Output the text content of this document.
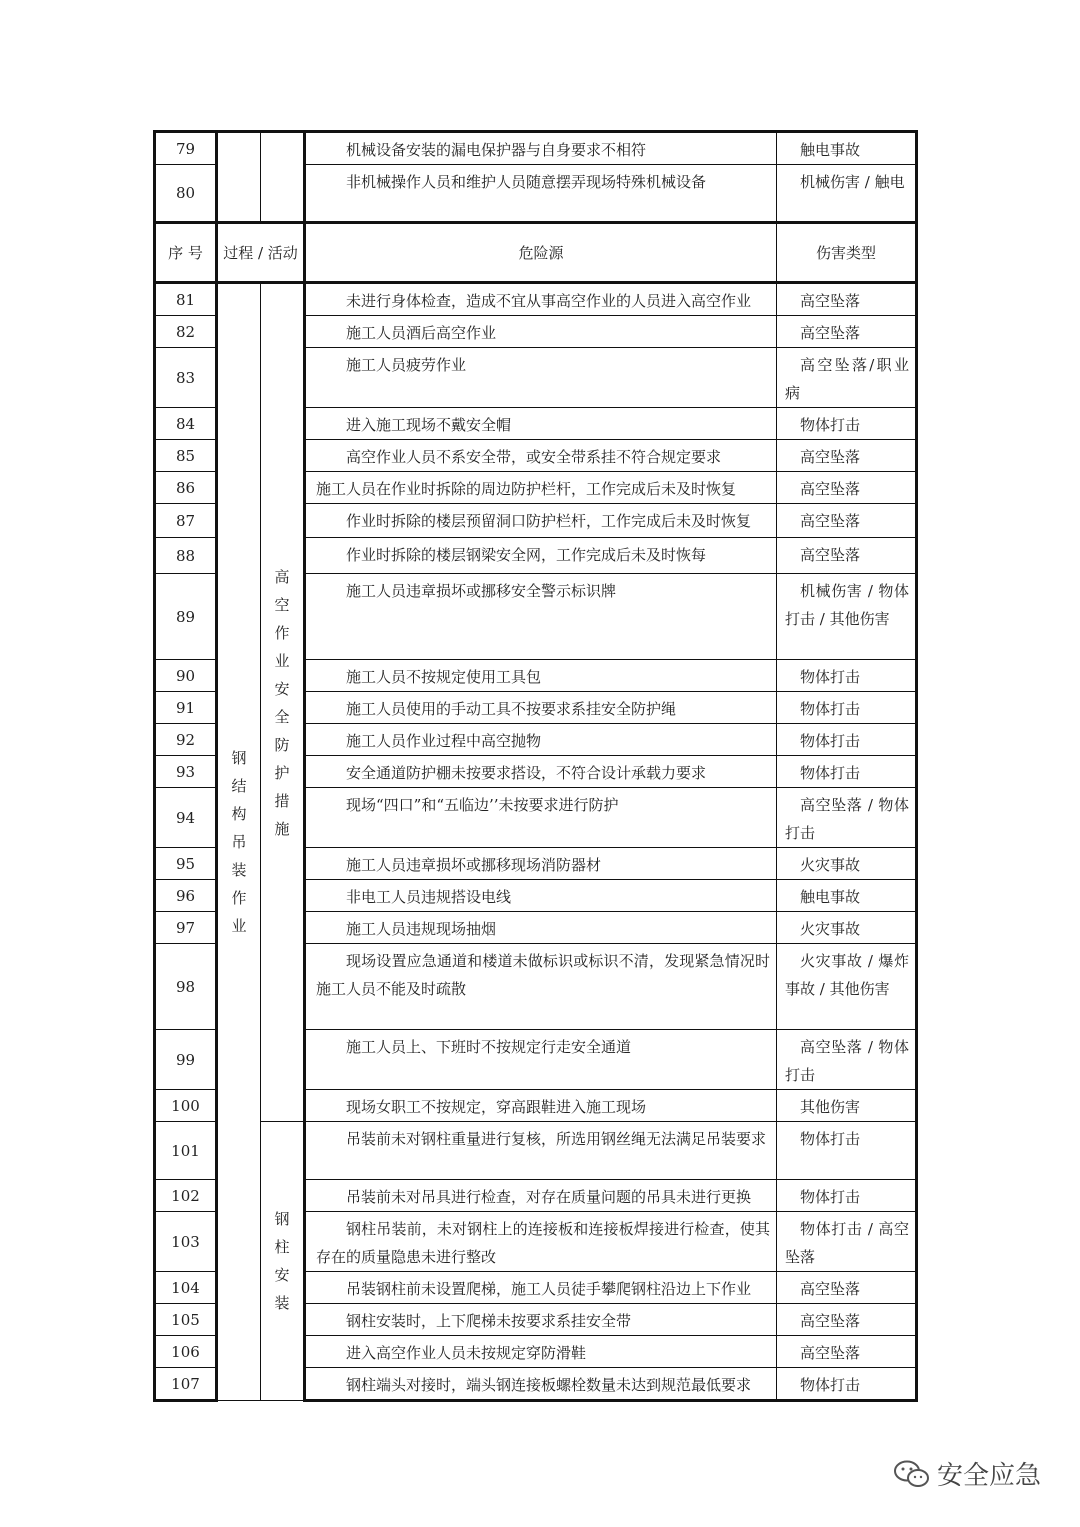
79			机械设备安装的漏电保护器与自身要求不相符	触电事故
80			非机械操作人员和维护人员随意摆弄现场特殊机械设备	机械伤害 / 触电
序 号	过程 / 活动		危险源	伤害类型
81	钢结构吊装作业	高空作业安全防护措施	未进行身体检查，造成不宜从事高空作业的人员进入高空作业	高空坠落
82			施工人员酒后高空作业	高空坠落
83			施工人员疲劳作业	高空坠落/职业病
84			进入施工现场不戴安全帽	物体打击
85			高空作业人员不系安全带，或安全带系挂不符合规定要求	高空坠落
86			施工人员在作业时拆除的周边防护栏杆，工作完成后未及时恢复	高空坠落
87			作业时拆除的楼层预留洞口防护栏杆，工作完成后未及时恢复	高空坠落
88			作业时拆除的楼层钢梁安全网，工作完成后未及时恢每	高空坠落
89			施工人员违章损坏或挪移安全警示标识牌	机械伤害 / 物体打击 / 其他伤害
90			施工人员不按规定使用工具包	物体打击
91			施工人员使用的手动工具不按要求系挂安全防护绳	物体打击
92			施工人员作业过程中高空抛物	物体打击
93			安全通道防护棚未按要求搭设，不符合设计承载力要求	物体打击
94			现场“四口”和“五临边’’未按要求进行防护	高空坠落 / 物体打击
95			施工人员违章损坏或挪移现场消防器材	火灾事故
96			非电工人员违规搭设电线	触电事故
97			施工人员违规现场抽烟	火灾事故
98			现场设置应急通道和楼道未做标识或标识不清，发现紧急情况时施工人员不能及时疏散	火灾事故 / 爆炸事故 / 其他伤害
99			施工人员上、下班时不按规定行走安全通道	高空坠落 / 物体打击
100			现场女职工不按规定，穿高跟鞋进入施工现场	其他伤害
101		钢柱安装	吊装前未对钢柱重量进行复核，所选用钢丝绳无法满足吊装要求	物体打击
102			吊装前未对吊具进行检查，对存在质量问题的吊具未进行更换	物体打击
103			钢柱吊装前，未对钢柱上的连接板和连接板焊接进行检查，使其存在的质量隐患未进行整改	物体打击 / 高空坠落
104			吊装钢柱前未设置爬梯，施工人员徒手攀爬钢柱沿边上下作业	高空坠落
105			钢柱安装时，上下爬梯未按要求系挂安全带	高空坠落
106			进入高空作业人员未按规定穿防滑鞋	高空坠落
107			钢柱端头对接时，端头钢连接板螺栓数量未达到规范最低要求	物体打击
安全应急
